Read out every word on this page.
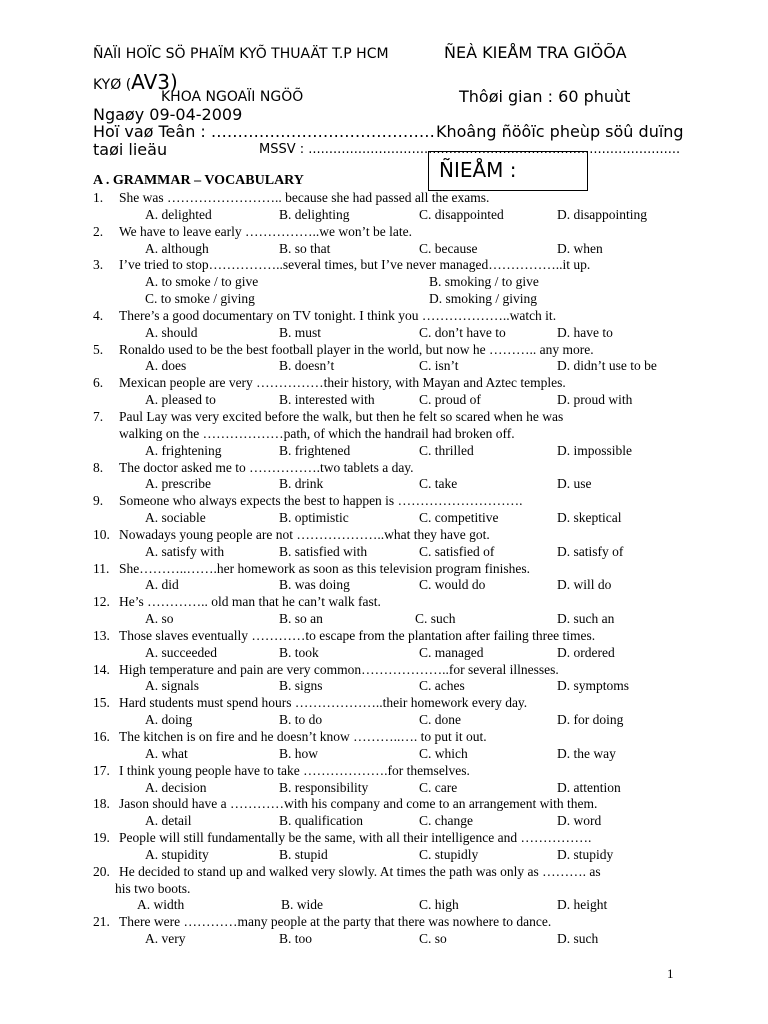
ÑAÏI HOÏC SÖ PHAÏM KYÕ THUAÄT T.P HCM	ÑEÀ KIEÅM TRA GIÖÕA
KYØ (AV3)
KHOA NGOAÏI NGÖÕ	Thôøi gian : 60 phuùt
Ngaøy 09-04-2009
Hoï vaø Teân : …………………………………… Khoâng ñöôïc pheùp söû duïng
taøi lieäu	MSSV : ..........................................................................................
ÑIEÅM :
A . GRAMMAR – VOCABULARY
1. She was …………………….. because she had passed all the exams.
A. delighted	B. delighting	C. disappointed	D. disappointing
2. We have to leave early ……………..we won’t be late.
A. although	B. so that	C. because	D. when
3. I’ve tried to stop……………..several times, but I’ve never managed……………..it up.
A. to smoke / to give	B. smoking / to give
C. to smoke / giving	D. smoking / giving
4. There’s a good documentary on TV tonight. I think you ………………..watch it.
A. should	B. must	C. don’t have to	D. have to
5. Ronaldo used to be the best football player in the world, but now he ……….. any more.
A. does	B. doesn’t	C. isn’t	D. didn’t use to be
6. Mexican people are very ……………their history, with Mayan and Aztec temples.
A. pleased to	B. interested with	C. proud of	D. proud with
7. Paul Lay was very excited before the walk, but then he felt so scared when he was
walking on the ………………path, of which the handrail had broken off.
A. frightening	B. frightened	C. thrilled	D. impossible
8. The doctor asked me to …………….two tablets a day.
A. prescribe	B. drink	C. take	D. use
9. Someone who always expects the best to happen is ……………………….
A. sociable	B. optimistic	C. competitive	D. skeptical
10. Nowadays young people are not ………………..what they have got.
A. satisfy with	B. satisfied with	C. satisfied of	D. satisfy of
11. She………..…….her homework as soon as this television program finishes.
A. did	B. was doing	C. would do	D. will do
12. He’s ………….. old man that he can’t walk fast.
A. so	B. so an	C. such	D. such an
13. Those slaves eventually …………to escape from the plantation after failing three times.
A. succeeded	B. took	C. managed	D. ordered
14. High temperature and pain are very common………………..for several illnesses.
A. signals	B. signs	C. aches	D. symptoms
15. Hard students must spend hours ………………..their homework every day.
A. doing	B. to do	C. done	D. for doing
16. The kitchen is on fire and he doesn’t know ………..…. to put it out.
A. what	B. how	C. which	D. the way
17. I think young people have to take ……………….for themselves.
A. decision	B. responsibility	C. care	D. attention
18. Jason should have a …………with his company and come to an arrangement with them.
A. detail	B. qualification	C. change	D. word
19. People will still fundamentally be the same, with all their intelligence and …………….
A. stupidity	B. stupid	C. stupidly	D. stupidy
20. He decided to stand up and walked very slowly. At times the path was only as ………. as
his two boots.
A. width	B. wide	C. high	D. height
21. There were …………many people at the party that there was nowhere to dance.
A. very	B. too	C. so	D. such
1
